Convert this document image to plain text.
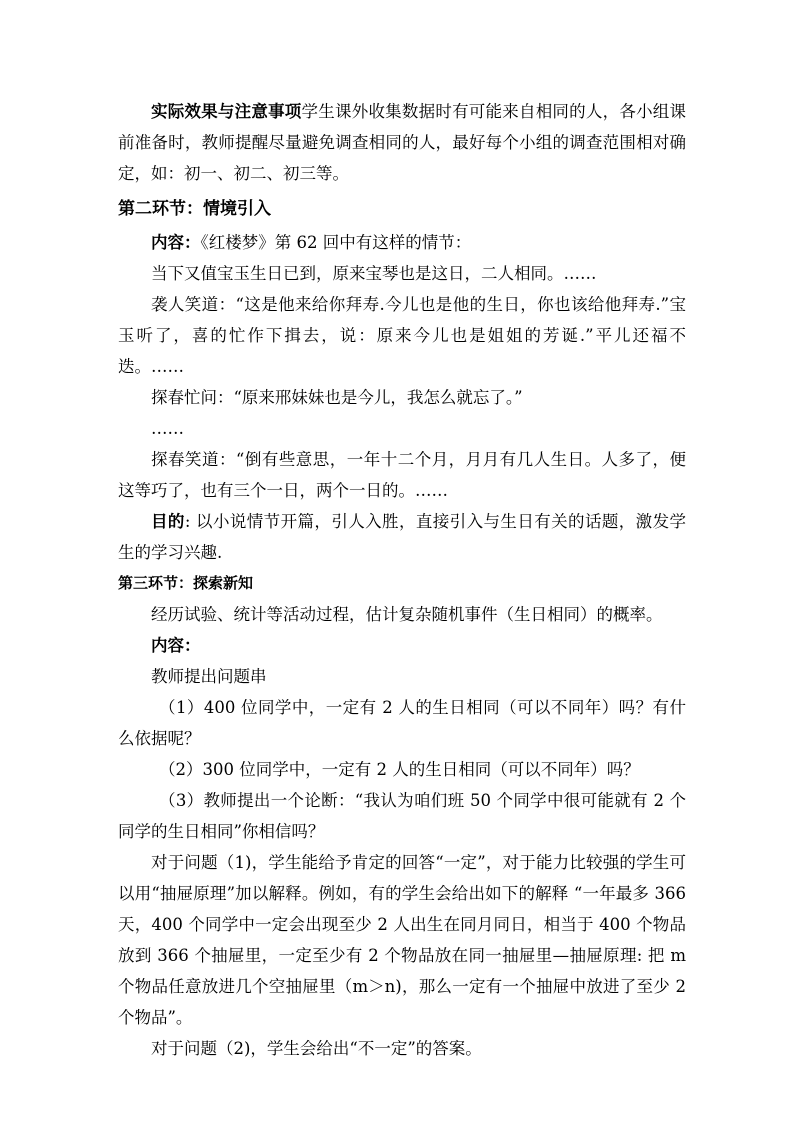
实际效果与注意事项学生课外收集数据时有可能来自相同的人，各小组课前准备时，教师提醒尽量避免调查相同的人，最好每个小组的调查范围相对确定，如：初一、初二、初三等。

第二环节：情境引入

内容：《红楼梦》第 62 回中有这样的情节：

当下又值宝玉生日已到，原来宝琴也是这日，二人相同。……

袭人笑道：“这是他来给你拜寿.今儿也是他的生日，你也该给他拜寿.”宝玉听了，喜的忙作下揖去，说：原来今儿也是姐姐的芳诞.”平儿还福不迭。……

探春忙问：“原来邢妹妹也是今儿，我怎么就忘了。”

……

探春笑道：“倒有些意思，一年十二个月，月月有几人生日。人多了，便这等巧了，也有三个一日，两个一日的。……

目的: 以小说情节开篇，引人入胜，直接引入与生日有关的话题，激发学生的学习兴趣.

第三环节：探索新知

经历试验、统计等活动过程，估计复杂随机事件（生日相同）的概率。

内容：

教师提出问题串

（1）400 位同学中，一定有 2 人的生日相同（可以不同年）吗？有什么依据呢？

（2）300 位同学中，一定有 2 人的生日相同（可以不同年）吗？

（3）教师提出一个论断：“我认为咱们班 50 个同学中很可能就有 2 个同学的生日相同”你相信吗？

对于问题（1)，学生能给予肯定的回答“一定”，对于能力比较强的学生可以用“抽屉原理”加以解释。例如，有的学生会给出如下的解释 “一年最多 366 天，400 个同学中一定会出现至少 2 人出生在同月同日，相当于 400 个物品放到 366 个抽屉里，一定至少有 2 个物品放在同一抽屉里—抽屉原理: 把 m 个物品任意放进几个空抽屉里（m＞n)，那么一定有一个抽屉中放进了至少 2 个物品”。

对于问题（2)，学生会给出“不一定”的答案。
